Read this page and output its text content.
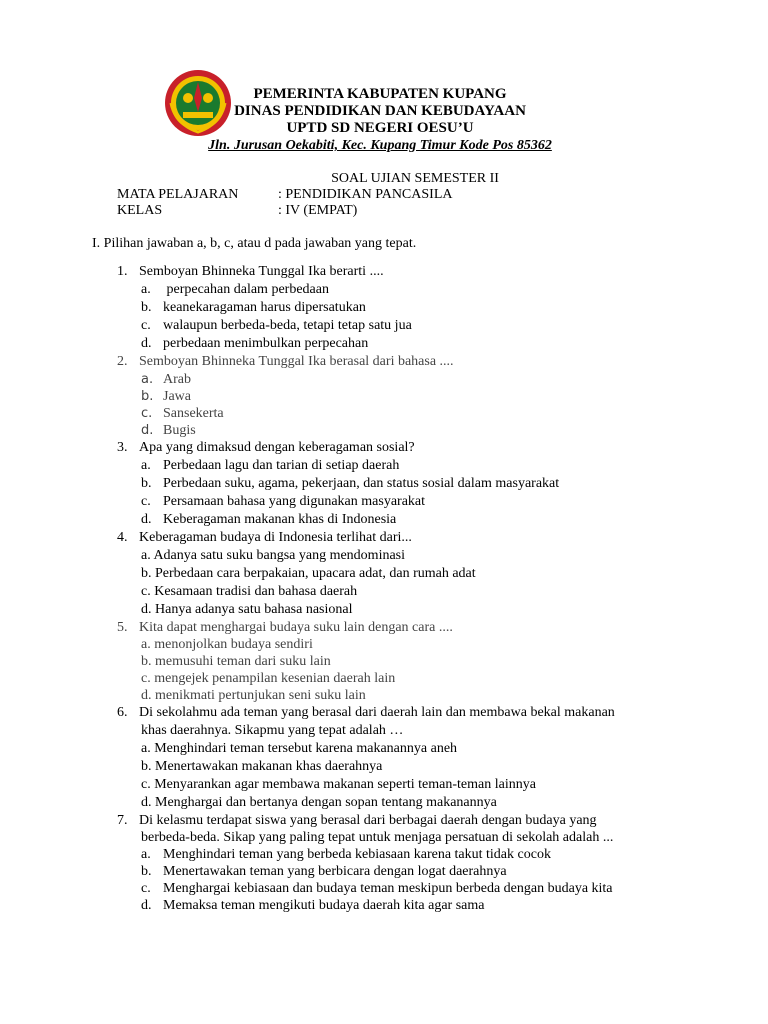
PEMERINTA KABUPATEN KUPANG
DINAS PENDIDIKAN DAN KEBUDAYAAN
UPTD SD NEGERI OESU’U
Jln. Jurusan Oekabiti, Kec. Kupang Timur Kode Pos 85362
SOAL UJIAN SEMESTER II
MATA PELAJARAN	: PENDIDIKAN PANCASILA
KELAS	: IV (EMPAT)
I. Pilihan jawaban a, b, c, atau d pada jawaban yang tepat.
1. Semboyan Bhinneka Tunggal Ika berarti ....
a. perpecahan dalam perbedaan
b. keanekaragaman harus dipersatukan
c. walaupun berbeda-beda, tetapi tetap satu jua
d. perbedaan menimbulkan perpecahan
2. Semboyan Bhinneka Tunggal Ika berasal dari bahasa ....
a. Arab
b. Jawa
c. Sansekerta
d. Bugis
3. Apa yang dimaksud dengan keberagaman sosial?
a. Perbedaan lagu dan tarian di setiap daerah
b. Perbedaan suku, agama, pekerjaan, dan status sosial dalam masyarakat
c. Persamaan bahasa yang digunakan masyarakat
d. Keberagaman makanan khas di Indonesia
4. Keberagaman budaya di Indonesia terlihat dari...
a. Adanya satu suku bangsa yang mendominasi
b. Perbedaan cara berpakaian, upacara adat, dan rumah adat
c. Kesamaan tradisi dan bahasa daerah
d. Hanya adanya satu bahasa nasional
5. Kita dapat menghargai budaya suku lain dengan cara ....
a. menonjolkan budaya sendiri
b. memusuhi teman dari suku lain
c. mengejek penampilan kesenian daerah lain
d. menikmati pertunjukan seni suku lain
6. Di sekolahmu ada teman yang berasal dari daerah lain dan membawa bekal makanan
khas daerahnya. Sikapmu yang tepat adalah …
a. Menghindari teman tersebut karena makanannya aneh
b. Menertawakan makanan khas daerahnya
c. Menyarankan agar membawa makanan seperti teman-teman lainnya
d. Menghargai dan bertanya dengan sopan tentang makanannya
7. Di kelasmu terdapat siswa yang berasal dari berbagai daerah dengan budaya yang
berbeda-beda. Sikap yang paling tepat untuk menjaga persatuan di sekolah adalah ...
a. Menghindari teman yang berbeda kebiasaan karena takut tidak cocok
b. Menertawakan teman yang berbicara dengan logat daerahnya
c. Menghargai kebiasaan dan budaya teman meskipun berbeda dengan budaya kita
d. Memaksa teman mengikuti budaya daerah kita agar sama
